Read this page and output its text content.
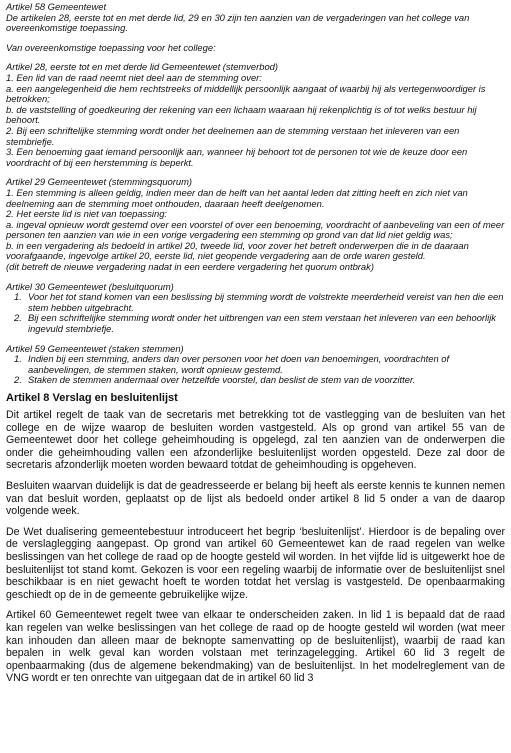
Artikel 58 Gemeentewet

De artikelen 28, eerste tot en met derde lid, 29 en 30 zijn ten aanzien van de vergaderingen van het college van overeenkomstige toepassing.

Van overeenkomstige toepassing voor het college:

Artikel 28, eerste tot en met derde lid Gemeentewet (stemverbod)

1. Een lid van de raad neemt niet deel aan de stemming over:

a. een aangelegenheid die hem rechtstreeks of middellijk persoonlijk aangaat of waarbij hij als vertegenwoordiger is betrokken;

b. de vaststelling of goedkeuring der rekening van een lichaam waaraan hij rekenplichtig is of tot welks bestuur hij behoort.

2. Bij een schriftelijke stemming wordt onder het deelnemen aan de stemming verstaan het inleveren van een stembriefje.

3. Een benoeming gaat iemand persoonlijk aan, wanneer hij behoort tot de personen tot wie de keuze door een voordracht of bij een herstemming is beperkt.

Artikel 29 Gemeentewet (stemmingsquorum)

1. Een stemming is alleen geldig, indien meer dan de helft van het aantal leden dat zitting heeft en zich niet van deelneming aan de stemming moet onthouden, daaraan heeft deelgenomen.

2. Het eerste lid is niet van toepassing:

a. ingeval opnieuw wordt gestemd over een voorstel of over een benoeming, voordracht of aanbeveling van een of meer personen ten aanzien van wie in een vorige vergadering een stemming op grond van dat lid niet geldig was;

b. in een vergadering als bedoeld in artikel 20, tweede lid, voor zover het betreft onderwerpen die in de daaraan voorafgaande, ingevolge artikel 20, eerste lid, niet geopende vergadering aan de orde waren gesteld.

(dit betreft de nieuwe vergadering nadat in een eerdere vergadering het quorum ontbrak)

Artikel 30 Gemeentewet (besluitquorum)

1. Voor het tot stand komen van een beslissing bij stemming wordt de volstrekte meerderheid vereist van hen die een stem hebben uitgebracht.
2. Bij een schriftelijke stemming wordt onder het uitbrengen van een stem verstaan het inleveren van een behoorlijk ingevuld stembriefje.

Artikel 59 Gemeentewet (staken stemmen)

1. Indien bij een stemming, anders dan over personen voor het doen van benoemingen, voordrachten of aanbevelingen, de stemmen staken, wordt opnieuw gestemd.
2. Staken de stemmen andermaal over hetzelfde voorstel, dan beslist de stem van de voorzitter.
Artikel 8 Verslag en besluitenlijst

Dit artikel regelt de taak van de secretaris met betrekking tot de vastlegging van de besluiten van het college en de wijze waarop de besluiten worden vastgesteld. Als op grond van artikel 55 van de Gemeentewet door het college geheimhouding is opgelegd, zal ten aanzien van de onderwerpen die onder die geheimhouding vallen een afzonderlijke besluitenlijst worden opgesteld. Deze zal door de secretaris afzonderlijk moeten worden bewaard totdat de geheimhouding is opgeheven.

Besluiten waarvan duidelijk is dat de geadresseerde er belang bij heeft als eerste kennis te kunnen nemen van dat besluit worden, geplaatst op de lijst als bedoeld onder artikel 8 lid 5 onder a van de daarop volgende week.

De Wet dualisering gemeentebestuur introduceert het begrip ‘besluitenlijst’. Hierdoor is de bepaling over de verslaglegging aangepast. Op grond van artikel 60 Gemeentewet kan de raad regelen van welke beslissingen van het college de raad op de hoogte gesteld wil worden. In het vijfde lid is uitgewerkt hoe de besluitenlijst tot stand komt. Gekozen is voor een regeling waarbij de informatie over de besluitenlijst snel beschikbaar is en niet gewacht hoeft te worden totdat het verslag is vastgesteld. De openbaarmaking geschiedt op de in de gemeente gebruikelijke wijze.

Artikel 60 Gemeentewet regelt twee van elkaar te onderscheiden zaken. In lid 1 is bepaald dat de raad kan regelen van welke beslissingen van het college de raad op de hoogte gesteld wil worden (wat meer kan inhouden dan alleen maar de beknopte samenvatting op de besluitenlijst), waarbij de raad kan bepalen in welk geval kan worden volstaan met terinzagelegging. Artikel 60 lid 3 regelt de openbaarmaking (dus de algemene bekendmaking) van de besluitenlijst. In het modelreglement van de VNG wordt er ten onrechte van uitgegaan dat de in artikel 60 lid 3
